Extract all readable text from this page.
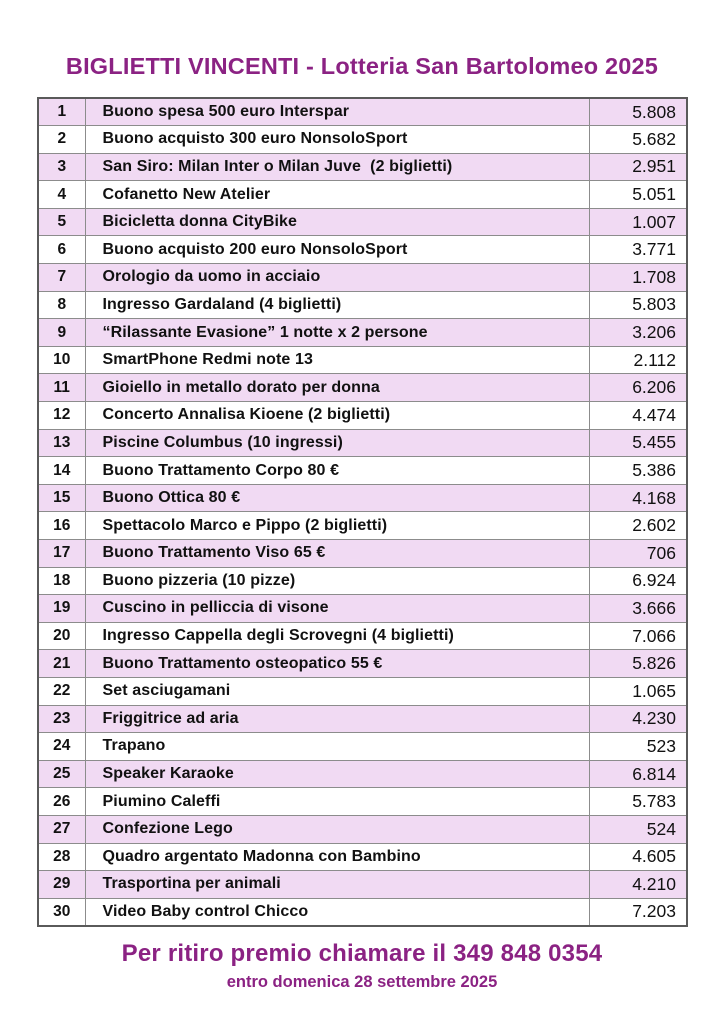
BIGLIETTI VINCENTI - Lotteria San Bartolomeo 2025
1	Buono spesa 500 euro Interspar	5.808
2	Buono acquisto 300 euro NonsoloSport	5.682
3	San Siro: Milan Inter o Milan Juve  (2 biglietti)	2.951
4	Cofanetto New Atelier	5.051
5	Bicicletta donna CityBike	1.007
6	Buono acquisto 200 euro NonsoloSport	3.771
7	Orologio da uomo in acciaio	1.708
8	Ingresso Gardaland (4 biglietti)	5.803
9	“Rilassante Evasione” 1 notte x 2 persone	3.206
10	SmartPhone Redmi note 13	2.112
11	Gioiello in metallo dorato per donna	6.206
12	Concerto Annalisa Kioene (2 biglietti)	4.474
13	Piscine Columbus (10 ingressi)	5.455
14	Buono Trattamento Corpo 80 €	5.386
15	Buono Ottica 80 €	4.168
16	Spettacolo Marco e Pippo (2 biglietti)	2.602
17	Buono Trattamento Viso 65 €	706
18	Buono pizzeria (10 pizze)	6.924
19	Cuscino in pelliccia di visone	3.666
20	Ingresso Cappella degli Scrovegni (4 biglietti)	7.066
21	Buono Trattamento osteopatico 55 €	5.826
22	Set asciugamani	1.065
23	Friggitrice ad aria	4.230
24	Trapano	523
25	Speaker Karaoke	6.814
26	Piumino Caleffi	5.783
27	Confezione Lego	524
28	Quadro argentato Madonna con Bambino	4.605
29	Trasportina per animali	4.210
30	Video Baby control Chicco	7.203
Per ritiro premio chiamare il 349 848 0354
entro domenica 28 settembre 2025
